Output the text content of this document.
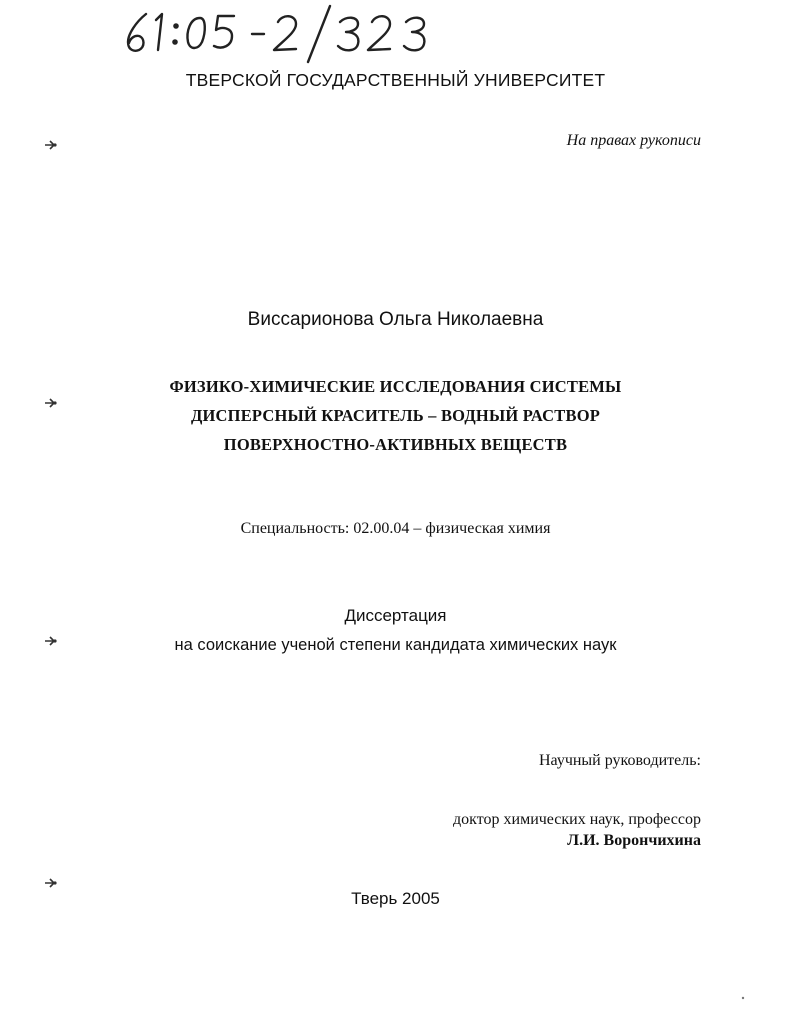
ТВЕРСКОЙ ГОСУДАРСТВЕННЫЙ УНИВЕРСИТЕТ
На правах рукописи
Виссарионова Ольга Николаевна
ФИЗИКО-ХИМИЧЕСКИЕ ИССЛЕДОВАНИЯ СИСТЕМЫ
ДИСПЕРСНЫЙ КРАСИТЕЛЬ – ВОДНЫЙ РАСТВОР
ПОВЕРХНОСТНО-АКТИВНЫХ ВЕЩЕСТВ
Специальность: 02.00.04 – физическая химия
Диссертация
на соискание ученой степени кандидата химических наук
Научный руководитель:
доктор химических наук, профессор
Л.И. Ворончихина
Тверь 2005
